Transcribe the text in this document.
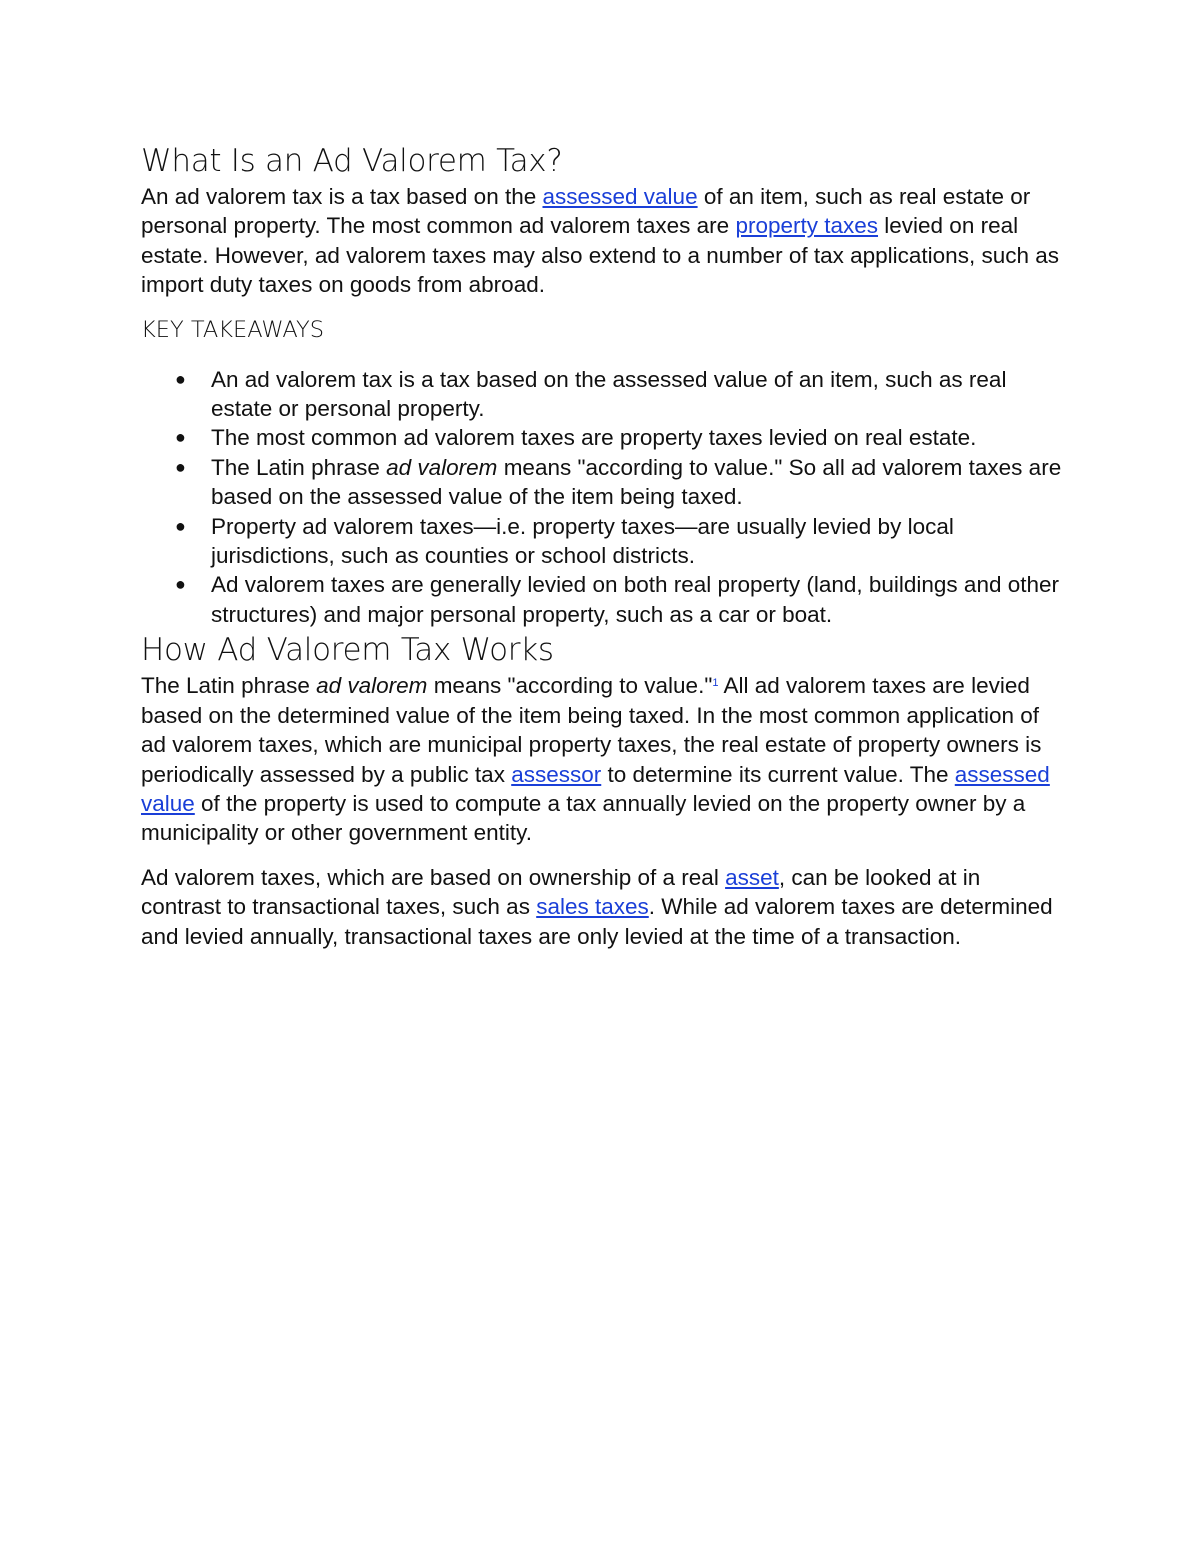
What Is an Ad Valorem Tax?

An ad valorem tax is a tax based on the assessed value of an item, such as real estate or personal property. The most common ad valorem taxes are property taxes levied on real estate. However, ad valorem taxes may also extend to a number of tax applications, such as import duty taxes on goods from abroad.

KEY TAKEAWAYS
● An ad valorem tax is a tax based on the assessed value of an item, such as real estate or personal property.
● The most common ad valorem taxes are property taxes levied on real estate.
● The Latin phrase ad valorem means "according to value." So all ad valorem taxes are based on the assessed value of the item being taxed.
● Property ad valorem taxes—i.e. property taxes—are usually levied by local jurisdictions, such as counties or school districts.
● Ad valorem taxes are generally levied on both real property (land, buildings and other structures) and major personal property, such as a car or boat.
How Ad Valorem Tax Works

The Latin phrase ad valorem means "according to value."$^1$ All ad valorem taxes are levied based on the determined value of the item being taxed. In the most common application of ad valorem taxes, which are municipal property taxes, the real estate of property owners is periodically assessed by a public tax assessor to determine its current value. The assessed value of the property is used to compute a tax annually levied on the property owner by a municipality or other government entity.

Ad valorem taxes, which are based on ownership of a real asset, can be looked at in contrast to transactional taxes, such as sales taxes. While ad valorem taxes are determined and levied annually, transactional taxes are only levied at the time of a transaction.
